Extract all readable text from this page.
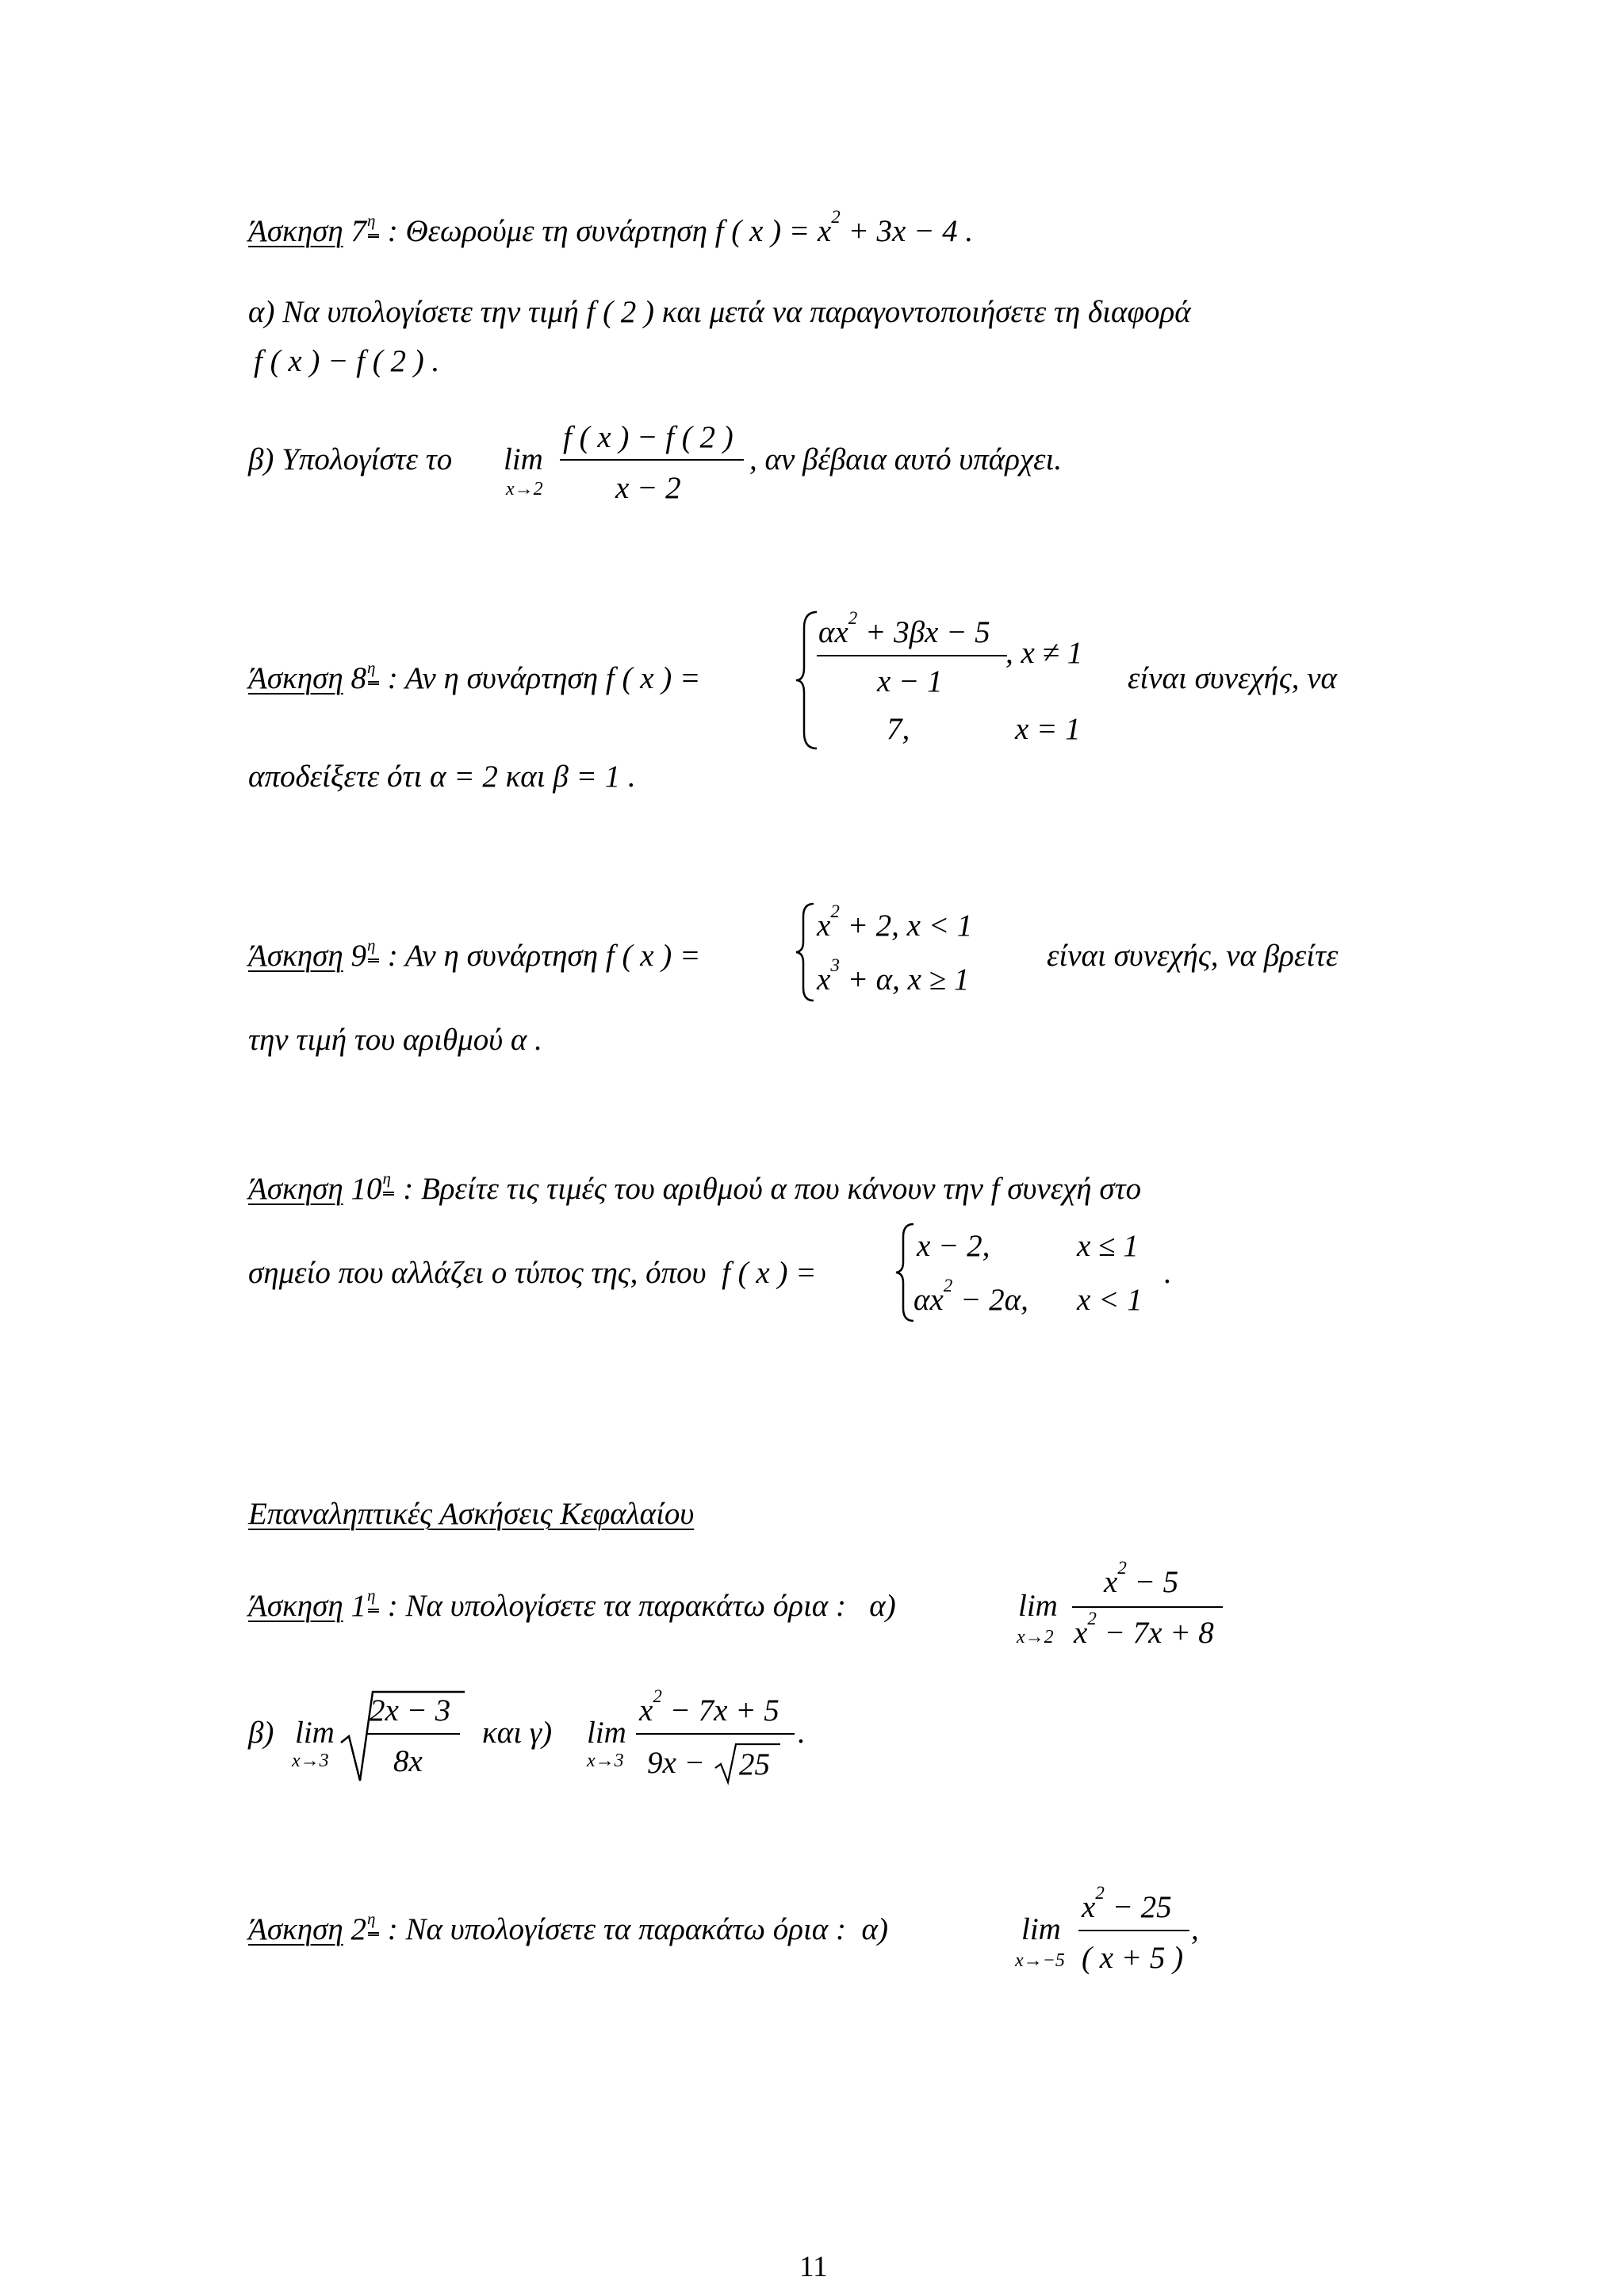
Άσκηση 7 η : Θεωρούμε τη συνάρτηση f ( x ) = $x^2 + 3x - 4$ .
α) Να υπολογίσετε την τιμή f ( 2 ) και μετά να παραγοντοποιήσετε τη διαφορά
f ( x ) − f ( 2 ) .
β) Υπολογίστε το lim
x→2
f ( x ) − f ( 2 )
x − 2
, αν βέβαια αυτό υπάρχει.
Άσκηση 8 η : Αν η συνάρτηση f ( x ) =
$\alpha x^2 + 3\beta x - 5$
, x ≠ 1
x − 1
7,	x = 1
είναι συνεχής, να
αποδείξετε ότι α = 2 και β = 1 .
Άσκηση 9 η : Αν η συνάρτηση f ( x ) =
$x^2 + 2$, x < 1
$x^3 + \alpha$, x ≥ 1
είναι συνεχής, να βρείτε
την τιμή του αριθμού α .
Άσκηση 10 η : Βρείτε τις τιμές του αριθμού α που κάνουν την f συνεχή στο
σημείο που αλλάζει ο τύπος της, όπου f ( x ) =
x − 2,	x ≤ 1
$\alpha x^2 - 2\alpha$, x < 1
.
Επαναληπτικές Ασκήσεις Κεφαλαίου
Άσκηση 1 η : Να υπολογίσετε τα παρακάτω όρια : α)	lim
x→2
$x^2 - 5$
$x^2 - 7x + 8$
β) lim
x→3
2x − 3
8x
και γ) lim
x→3
$x^2 - 7x + 5$
9x − 25
.
Άσκηση 2 η : Να υπολογίσετε τα παρακάτω όρια : α)	lim
x→−5
$x^2 - 25$
( x + 5 )
,
11
